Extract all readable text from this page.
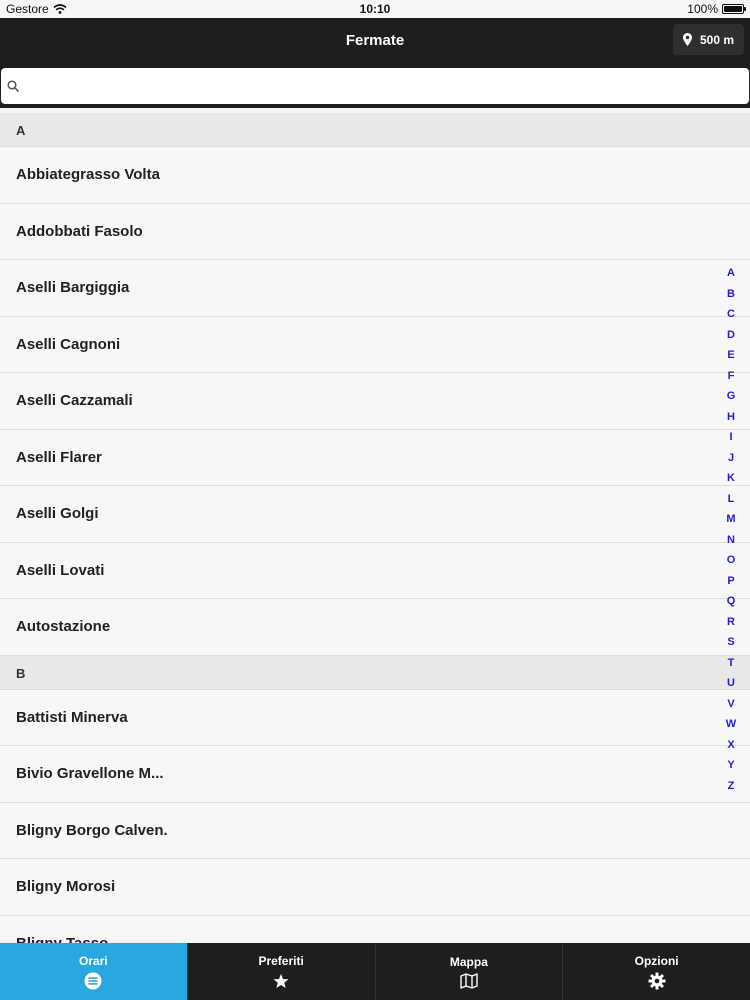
Gestore	10:10	100%
Fermate	500 m
A
Abbiategrasso Volta
Addobbati Fasolo
Aselli Bargiggia
Aselli Cagnoni
Aselli Cazzamali
Aselli Flarer
Aselli Golgi
Aselli Lovati
Autostazione
B
Battisti Minerva
Bivio Gravellone M...
Bligny Borgo Calven.
Bligny Morosi
A
B
C
D
E
F
G
H
I
J
K
L
M
N
O
P
Q
R
S
T
U
V
W
X
Y
Z
Orari	Preferiti	Mappa	Opzioni
